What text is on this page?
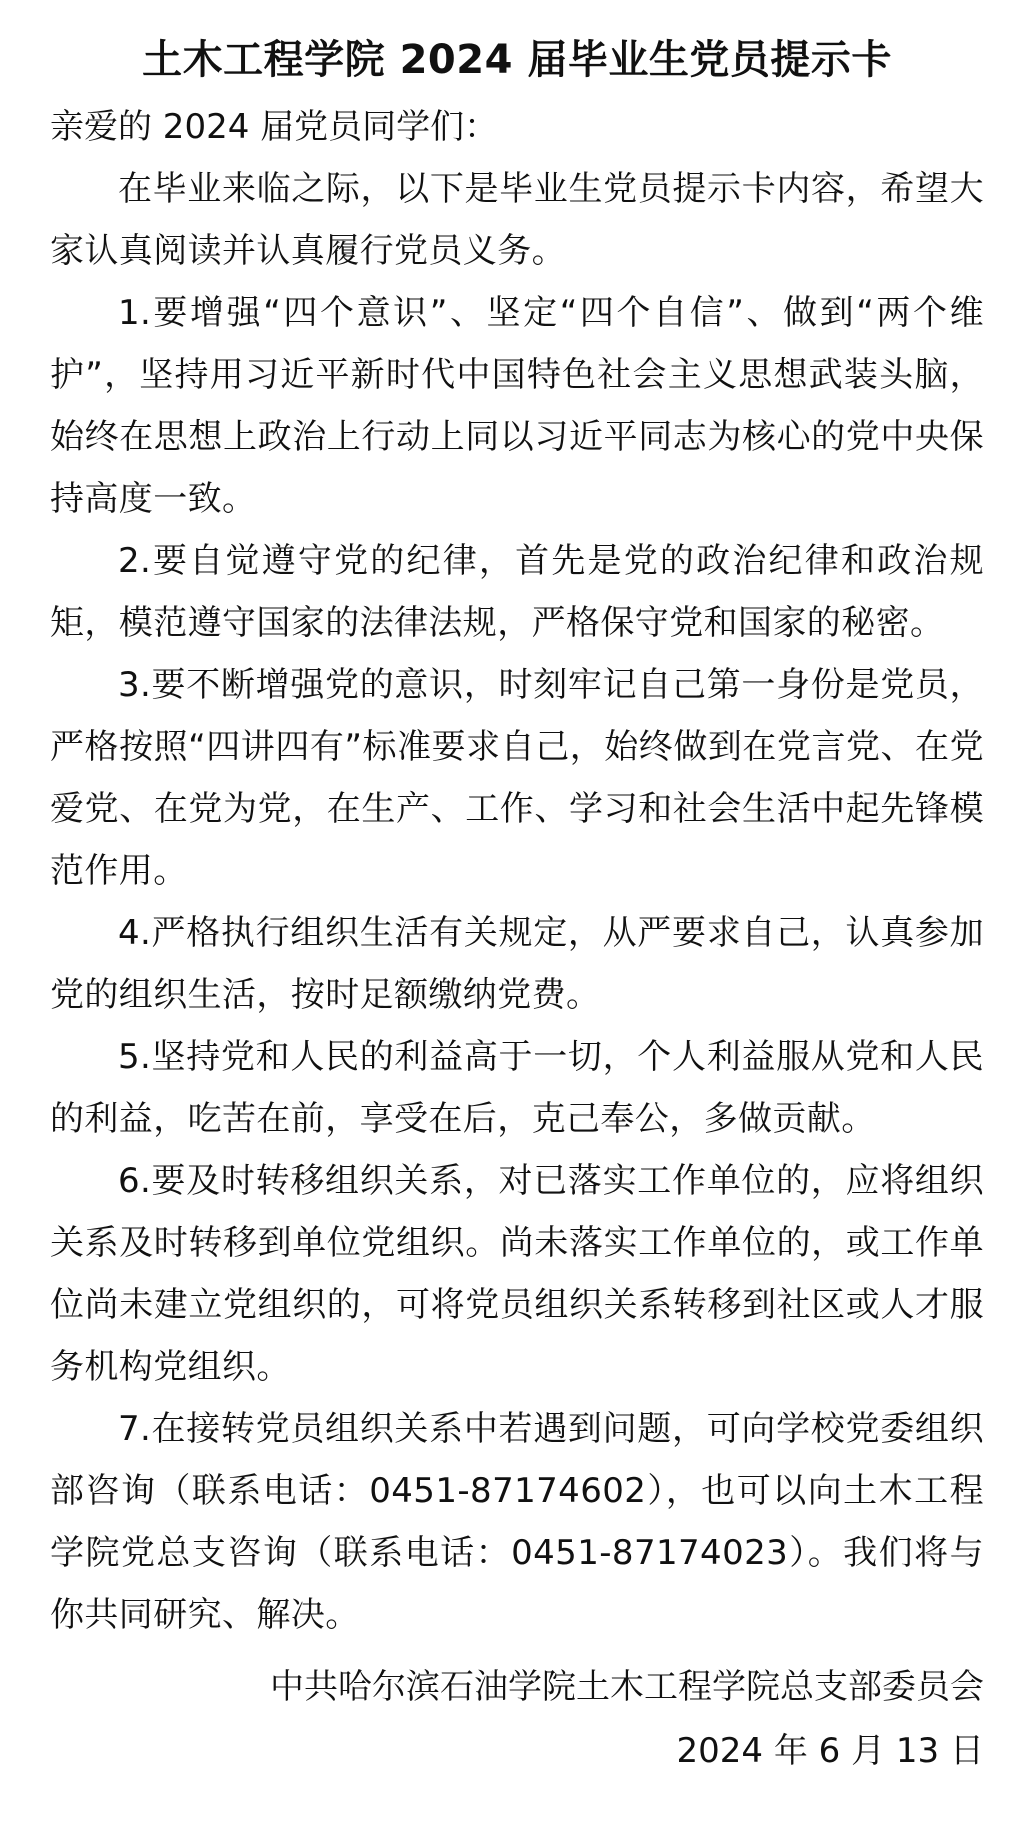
土木工程学院 2024 届毕业生党员提示卡

亲爱的 2024 届党员同学们：

在毕业来临之际，以下是毕业生党员提示卡内容，希望大家认真阅读并认真履行党员义务。

1.要增强“四个意识”、坚定“四个自信”、做到“两个维护”，坚持用习近平新时代中国特色社会主义思想武装头脑，始终在思想上政治上行动上同以习近平同志为核心的党中央保持高度一致。

2.要自觉遵守党的纪律，首先是党的政治纪律和政治规矩，模范遵守国家的法律法规，严格保守党和国家的秘密。

3.要不断增强党的意识，时刻牢记自己第一身份是党员，严格按照“四讲四有”标准要求自己，始终做到在党言党、在党爱党、在党为党，在生产、工作、学习和社会生活中起先锋模范作用。

4.严格执行组织生活有关规定，从严要求自己，认真参加党的组织生活，按时足额缴纳党费。

5.坚持党和人民的利益高于一切，个人利益服从党和人民的利益，吃苦在前，享受在后，克己奉公，多做贡献。

6.要及时转移组织关系，对已落实工作单位的，应将组织关系及时转移到单位党组织。尚未落实工作单位的，或工作单位尚未建立党组织的，可将党员组织关系转移到社区或人才服务机构党组织。

7.在接转党员组织关系中若遇到问题，可向学校党委组织部咨询（联系电话：0451-87174602），也可以向土木工程学院党总支咨询（联系电话：0451-87174023）。我们将与你共同研究、解决。

中共哈尔滨石油学院土木工程学院总支部委员会

2024 年 6 月 13 日
